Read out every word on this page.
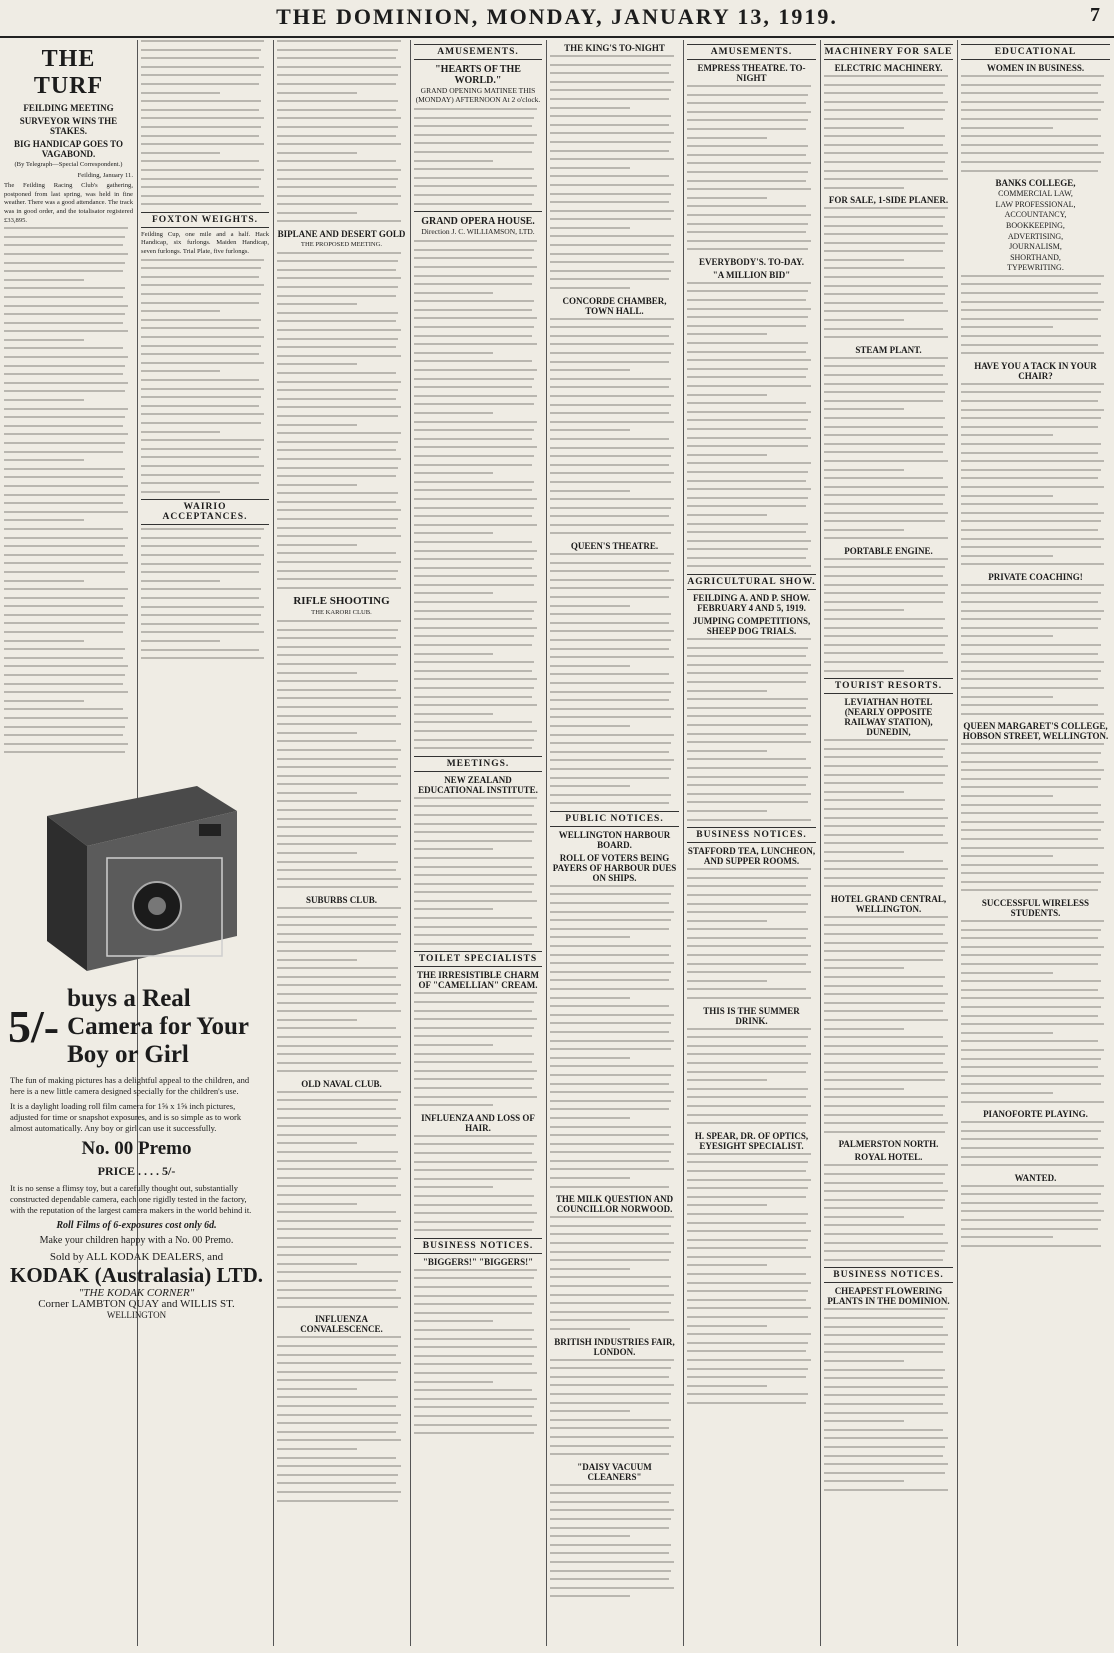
THE DOMINION, MONDAY, JANUARY 13, 1919.	7
THE TURF
FEILDING MEETING
SURVEYOR WINS THE STAKES.
BIG HANDICAP GOES TO VAGABOND.
(By Telegraph—Special Correspondent.)
Feilding, January 11.
The Feilding Racing Club's gathering, postponed from last spring, was held in fine weather. There was a good attendance. The track was in good order, and the totalisator registered £33,895.
5/-
buys a Real Camera for Your Boy or Girl
The fun of making pictures has a delightful appeal to the children, and here is a new little camera designed specially for the children's use.
It is a daylight loading roll film camera for 1⅝ x 1⅝ inch pictures, adjusted for time or snapshot exposures, and is so simple as to work almost automatically. Any boy or girl can use it successfully.
No. 00 Premo
PRICE . . . . 5/-
It is no sense a flimsy toy, but a carefully thought out, substantially constructed dependable camera, each one rigidly tested in the factory, with the reputation of the largest camera makers in the world behind it.
Roll Films of 6-exposures cost only 6d.
Make your children happy with a No. 00 Premo.
Sold by ALL KODAK DEALERS, and
KODAK (Australasia) LTD.
"THE KODAK CORNER"
Corner LAMBTON QUAY and WILLIS ST.
WELLINGTON
FOXTON WEIGHTS.
Feilding Cup, one mile and a half. Hack Handicap, six furlongs. Maiden Handicap, seven furlongs. Trial Plate, five furlongs.
WAIRIO ACCEPTANCES.
BIPLANE AND DESERT GOLD
THE PROPOSED MEETING.
RIFLE SHOOTING
THE KARORI CLUB.
SUBURBS CLUB.
OLD NAVAL CLUB.
INFLUENZA CONVALESCENCE.
AMUSEMENTS.
"HEARTS OF THE WORLD."
GRAND OPENING MATINEE THIS (MONDAY) AFTERNOON At 2 o'clock.
GRAND OPERA HOUSE.
Direction J. C. WILLIAMSON, LTD.
MEETINGS.
NEW ZEALAND EDUCATIONAL INSTITUTE.
TOILET SPECIALISTS
THE IRRESISTIBLE CHARM OF "CAMELLIAN" CREAM.
INFLUENZA AND LOSS OF HAIR.
BUSINESS NOTICES.
"BIGGERS!" "BIGGERS!"
THE KING'S TO-NIGHT
CONCORDE CHAMBER, TOWN HALL.
QUEEN'S THEATRE.
PUBLIC NOTICES.
WELLINGTON HARBOUR BOARD.
ROLL OF VOTERS BEING PAYERS OF HARBOUR DUES ON SHIPS.
THE MILK QUESTION AND COUNCILLOR NORWOOD.
BRITISH INDUSTRIES FAIR, LONDON.
"DAISY VACUUM CLEANERS"
AMUSEMENTS.
EMPRESS THEATRE. TO-NIGHT
EVERYBODY'S. TO-DAY.
"A MILLION BID"
AGRICULTURAL SHOW.
FEILDING A. AND P. SHOW. FEBRUARY 4 AND 5, 1919.
JUMPING COMPETITIONS, SHEEP DOG TRIALS.
BUSINESS NOTICES.
STAFFORD TEA, LUNCHEON, AND SUPPER ROOMS.
THIS IS THE SUMMER DRINK.
H. SPEAR, DR. OF OPTICS, EYESIGHT SPECIALIST.
MACHINERY FOR SALE
ELECTRIC MACHINERY.
FOR SALE, 1-SIDE PLANER.
STEAM PLANT.
PORTABLE ENGINE.
TOURIST RESORTS.
LEVIATHAN HOTEL (NEARLY OPPOSITE RAILWAY STATION), DUNEDIN,
HOTEL GRAND CENTRAL, WELLINGTON.
PALMERSTON NORTH.
ROYAL HOTEL.
BUSINESS NOTICES.
CHEAPEST FLOWERING PLANTS IN THE DOMINION.
EDUCATIONAL
WOMEN IN BUSINESS.
BANKS COLLEGE,
COMMERCIAL LAW,
LAW PROFESSIONAL,
ACCOUNTANCY,
BOOKKEEPING,
ADVERTISING,
JOURNALISM,
SHORTHAND,
TYPEWRITING.
HAVE YOU A TACK IN YOUR CHAIR?
PRIVATE COACHING!
QUEEN MARGARET'S COLLEGE, HOBSON STREET, WELLINGTON.
SUCCESSFUL WIRELESS STUDENTS.
PIANOFORTE PLAYING.
WANTED.
